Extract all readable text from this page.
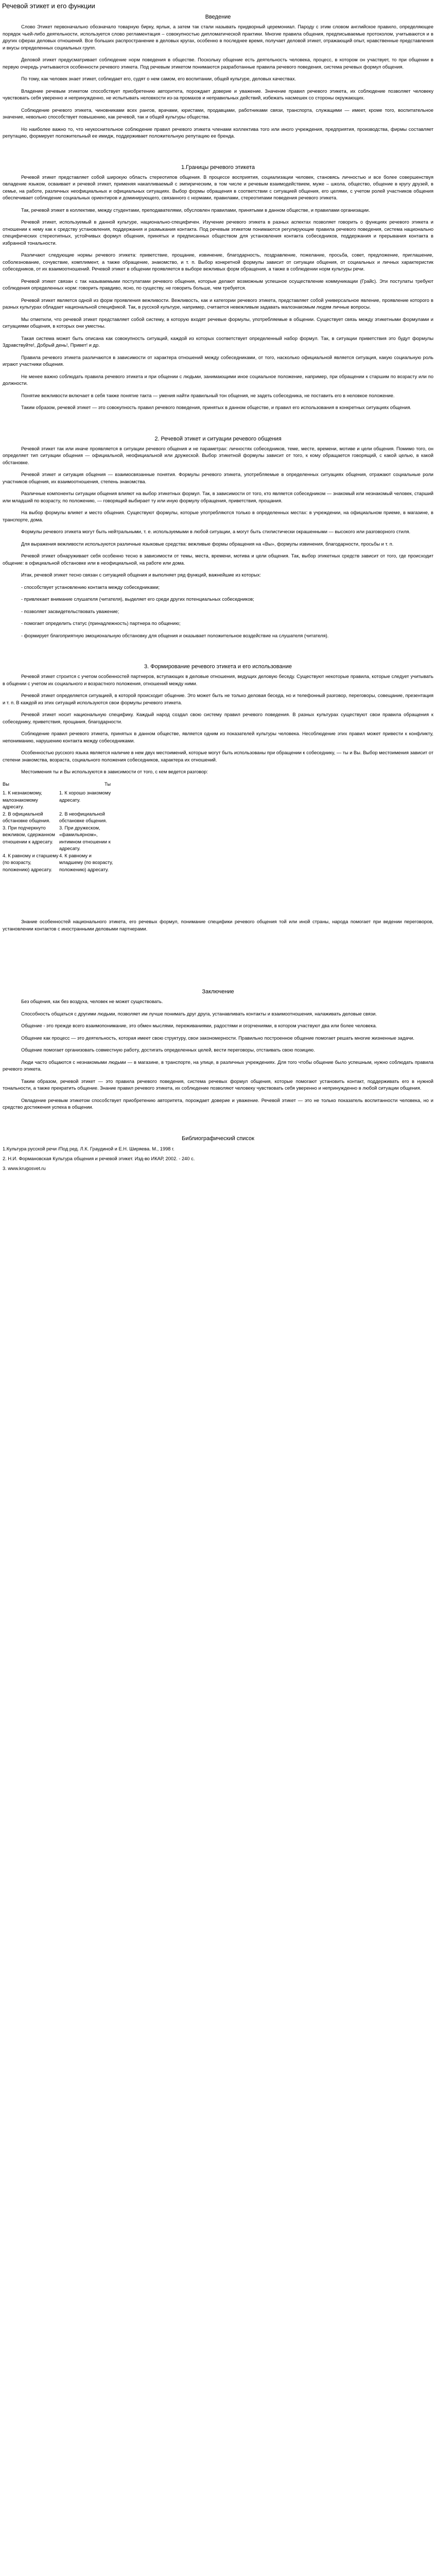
Речевой этикет и его функции
Введение

Слово Этикет первоначально обозначало товарную бирку, ярлык, а затем так стали называть придворный церемониал. Пароду с этим словом английское правило, определяющее порядок чьей-либо деятельности, используется слово регламентация – совокупностью дипломатической практики. Многие правила общения, предписываемые протоколом, учитываются и в других сферах деловых отношений. Все больших распространение в деловых кругах, особенно в последнее время, получает деловой этикет, отражающий опыт, нравственные представления и вкусы определенных социальных групп.

Деловой этикет предусматривает соблюдение норм поведения в обществе. Поскольку общение есть деятельность человека, процесс, в котором он участвует, то при общении в первую очередь учитываются особенности речевого этикета. Под речевым этикетом понимаются разработанные правила речевого поведения, система речевых формул общения.

По тому, как человек знает этикет, соблюдает его, судят о нем самом, его воспитании, общей культуре, деловых качествах.

Владение речевым этикетом способствует приобретению авторитета, порождает доверие и уважение. Значение правил речевого этикета, их соблюдение позволяет человеку чувствовать себя уверенно и непринужденно, не испытывать неловкости из-за промахов и неправильных действий, избежать насмешек со стороны окружающих.

Соблюдение речевого этикета, чиновниками всех рангов, врачами, юристами, продавцами, работниками связи, транспорта, служащими — имеет, кроме того, воспитательное значение, невольно способствует повышению, как речевой, так и общей культуры общества.

Но наиболее важно то, что неукоснительное соблюдение правил речевого этикета членами коллектива того или иного учреждения, предприятия, производства, фирмы составляет репутацию, формирует положительный ее имидж, поддерживает положительную репутацию ее бренда.

1.Границы речевого этикета

Речевой этикет представляет собой широкую область стереотипов общения. В процессе восприятия, социализации человек, становясь личностью и все более совершенствуя овладение языком, осваивает и речевой этикет, применяя накапливаемый с эмпирическим, в том числе и речевым взаимодействием, муже – школа, общество, общение в кругу друзей, в семье, на работе, различных неофициальных и официальных ситуациях. Выбор формы обращения в соответствии с ситуацией общения, его целями, с учетом ролей участников общения обеспечивает соблюдение социальных ориентиров и доминирующего, связанного с нормами, правилами, стереотипами поведения речевого этикета.

Так, речевой этикет в коллективе, между студентами, преподавателями, обусловлен правилами, принятыми в данном обществе, и правилами организации.

Речевой этикет, используемый в данной культуре, национально-специфичен. Изучение речевого этикета в разных аспектах позволяет говорить о функциях речевого этикета и отношении к нему как к средству установления, поддержания и размыкания контакта. Под речевым этикетом понимаются регулирующие правила речевого поведения, система национально специфических стереотипных, устойчивых формул общения, принятых и предписанных обществом для установления контакта собеседников, поддержания и прерывания контакта в избранной тональности.

Различают следующие нормы речевого этикета: приветствие, прощание, извинение, благодарность, поздравление, пожелание, просьба, совет, предложение, приглашение, соболезнование, сочувствие, комплимент, а также обращение, знакомство, и т. п. Выбор конкретной формулы зависит от ситуации общения, от социальных и личных характеристик собеседников, от их взаимоотношений. Речевой этикет в общении проявляется в выборе вежливых форм обращения, а также в соблюдении норм культуры речи.

Речевой этикет связан с так называемыми постулатами речевого общения, которые делают возможным успешное осуществление коммуникации (Грайс). Эти постулаты требуют соблюдения определенных норм: говорить правдиво, ясно, по существу, не говорить больше, чем требуется.

Речевой этикет является одной из форм проявления вежливости. Вежливость, как и категории речевого этикета, представляет собой универсальное явление, проявление которого в разных культурах обладает национальной спецификой. Так, в русской культуре, например, считается невежливым задавать малознакомым людям личные вопросы.

Мы отметили, что речевой этикет представляет собой систему, в которую входят речевые формулы, употребляемые в общении. Существует связь между этикетными формулами и ситуациями общения, в которых они уместны.

Такая система может быть описана как совокупность ситуаций, каждой из которых соответствует определенный набор формул. Так, в ситуации приветствия это будут формулы Здравствуйте!, Добрый день!, Привет! и др.

Правила речевого этикета различаются в зависимости от характера отношений между собеседниками, от того, насколько официальной является ситуация, какую социальную роль играют участники общения.

Не менее важно соблюдать правила речевого этикета и при общении с людьми, занимающими иное социальное положение, например, при обращении к старшим по возрасту или по должности.

Понятие вежливости включает в себя также понятие такта — умения найти правильный тон общения, не задеть собеседника, не поставить его в неловкое положение.

Таким образом, речевой этикет — это совокупность правил речевого поведения, принятых в данном обществе, и правил его использования в конкретных ситуациях общения.

2. Речевой этикет и ситуации речевого общения

Речевой этикет так или иначе проявляется в ситуации речевого общения и не параметрах: личностях собеседников, теме, месте, времени, мотиве и цели общения. Помимо того, он определяет тип ситуации общения — официальной, неофициальной или дружеской. Выбор этикетной формулы зависит от того, к кому обращается говорящий, с какой целью, в какой обстановке.

Речевой этикет и ситуация общения — взаимосвязанные понятия. Формулы речевого этикета, употребляемые в определенных ситуациях общения, отражают социальные роли участников общения, их взаимоотношения, степень знакомства.

Различные компоненты ситуации общения влияют на выбор этикетных формул. Так, в зависимости от того, кто является собеседником — знакомый или незнакомый человек, старший или младший по возрасту, по положению, — говорящий выбирает ту или иную формулу обращения, приветствия, прощания.

На выбор формулы влияет и место общения. Существуют формулы, которые употребляются только в определенных местах: в учреждении, на официальном приеме, в магазине, в транспорте, дома.

Формулы речевого этикета могут быть нейтральными, т. е. используемыми в любой ситуации, а могут быть стилистически окрашенными — высокого или разговорного стиля.

Для выражения вежливости используются различные языковые средства: вежливые формы обращения на «Вы», формулы извинения, благодарности, просьбы и т. п.

Речевой этикет обнаруживает себя особенно тесно в зависимости от темы, места, времени, мотива и цели общения. Так, выбор этикетных средств зависит от того, где происходит общение: в официальной обстановке или в неофициальной, на работе или дома.

Итак, речевой этикет тесно связан с ситуацией общения и выполняет ряд функций, важнейшие из которых:

- способствует установлению контакта между собеседниками;

- привлекает внимание слушателя (читателя), выделяет его среди других потенциальных собеседников;

- позволяет засвидетельствовать уважение;

- помогает определить статус (принадлежность) партнера по общению;

- формирует благоприятную эмоциональную обстановку для общения и оказывает положительное воздействие на слушателя (читателя).

3. Формирование речевого этикета и его использование

Речевой этикет строится с учетом особенностей партнеров, вступающих в деловые отношения, ведущих деловую беседу. Существуют некоторые правила, которые следует учитывать в общении с учетом их социального и возрастного положения, отношений между ними.

Речевой этикет определяется ситуацией, в которой происходит общение. Это может быть не только деловая беседа, но и телефонный разговор, переговоры, совещание, презентация и т. п. В каждой из этих ситуаций используются свои формулы речевого этикета.

Речевой этикет носит национальную специфику. Каждый народ создал свою систему правил речевого поведения. В разных культурах существуют свои правила обращения к собеседнику, приветствия, прощания, благодарности.

Соблюдение правил речевого этикета, принятых в данном обществе, является одним из показателей культуры человека. Несоблюдение этих правил может привести к конфликту, непониманию, нарушению контакта между собеседниками.

Особенностью русского языка является наличие в нем двух местоимений, которые могут быть использованы при обращении к собеседнику, — ты и Вы. Выбор местоимения зависит от степени знакомства, возраста, социального положения собеседников, характера их отношений.

Местоимения ты и Вы используются в зависимости от того, с кем ведется разговор:

Вы	Ты
1. К незнакомому, малознакомому адресату.
1. К хорошо знакомому адресату.
2. В официальной обстановке общения.
2. В неофициальной обстановке общения.
3. При подчеркнуто вежливом, сдержанном отношении к адресату.
3. При дружеском, «фамильярном», интимном отношении к адресату.
4. К равному и старшему (по возрасту, положению) адресату.
4. К равному и младшему (по возрасту, положению) адресату.

Знание особенностей национального этикета, его речевых формул, понимание специфики речевого общения той или иной страны, народа помогает при ведении переговоров, установлении контактов с иностранными деловыми партнерами.

Заключение

Без общения, как без воздуха, человек не может существовать.

Способность общаться с другими людьми, позволяет им лучше понимать друг друга, устанавливать контакты и взаимоотношения, налаживать деловые связи.

Общение - это прежде всего взаимопонимание, это обмен мыслями, переживаниями, радостями и огорчениями, в котором участвуют два или более человека.

Общение как процесс — это деятельность, которая имеет свою структуру, свои закономерности. Правильно построенное общение помогает решать многие жизненные задачи.

Общение помогает организовать совместную работу, достигать определенных целей, вести переговоры, отстаивать свою позицию.

Люди часто общаются с незнакомыми людьми — в магазине, в транспорте, на улице, в различных учреждениях. Для того чтобы общение было успешным, нужно соблюдать правила речевого этикета.

Таким образом, речевой этикет — это правила речевого поведения, система речевых формул общения, которые помогают установить контакт, поддерживать его в нужной тональности, а также прекратить общение. Знание правил речевого этикета, их соблюдение позволяют человеку чувствовать себя уверенно и непринужденно в любой ситуации общения.

Овладение речевым этикетом способствует приобретению авторитета, порождает доверие и уважение. Речевой этикет — это не только показатель воспитанности человека, но и средство достижения успеха в общении.

Библиографический список
1.Культура русской речи /Под ред. Л.К. Граудиной и Е.Н. Ширяева. М., 1998 г.
2. Н.И. Формановская Культура общения и речевой этикет. Изд-во ИКАР, 2002. - 240 с.
3. www.krugosvet.ru
